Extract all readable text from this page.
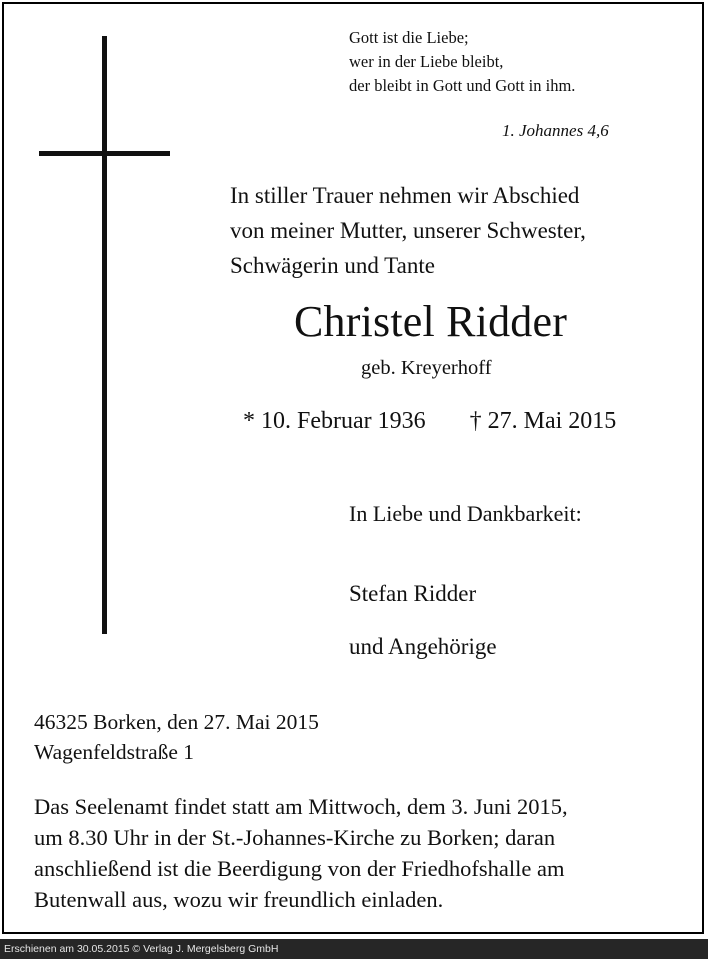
Gott ist die Liebe;
wer in der Liebe bleibt,
der bleibt in Gott und Gott in ihm.
1. Johannes 4,6
In stiller Trauer nehmen wir Abschied
von meiner Mutter, unserer Schwester,
Schwägerin und Tante
Christel Ridder
geb. Kreyerhoff
* 10. Februar 1936 † 27. Mai 2015
In Liebe und Dankbarkeit:
Stefan Ridder
und Angehörige
46325 Borken, den 27. Mai 2015
Wagenfeldstraße 1
Das Seelenamt findet statt am Mittwoch, dem 3. Juni 2015,
um 8.30 Uhr in der St.-Johannes-Kirche zu Borken; daran
anschließend ist die Beerdigung von der Friedhofshalle am
Butenwall aus, wozu wir freundlich einladen.
Erschienen am 30.05.2015 © Verlag J. Mergelsberg GmbH
